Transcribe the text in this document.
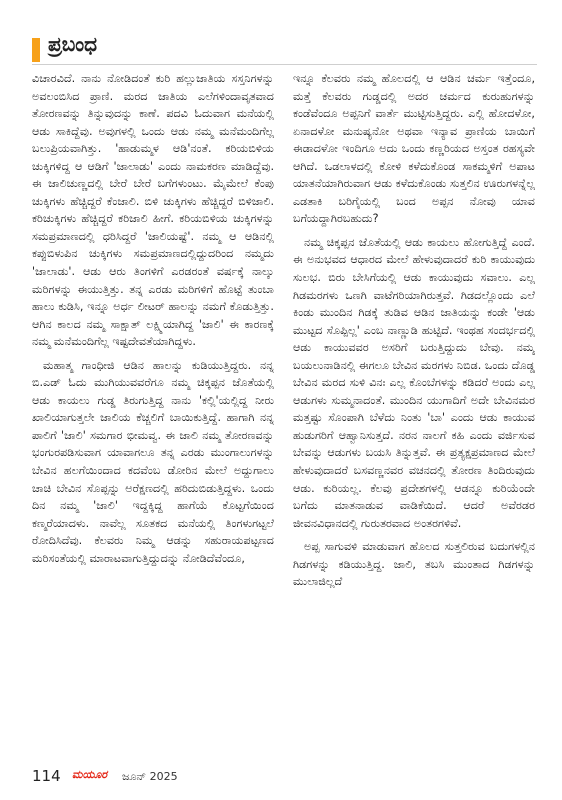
ಪ್ರಬಂಧ

ವಿಚಾರವಿದೆ. ನಾನು ನೋಡಿದಂತೆ ಕುರಿ ಹಲ್ಲುಜಾತಿಯ ಸಸ್ತನಿಗಳನ್ನು ಅವಲಂಬಿಸಿದ ಪ್ರಾಣಿ. ಮರದ ಜಾತಿಯ ಎಲೆಗಳಿಂದಾವೃತವಾದ ತೋರಣವನ್ನು ತಿನ್ನುವುದನ್ನು ಕಾಣೆ. ಪದವಿ ಓದುವಾಗ ಮನೆಯಲ್ಲಿ ಆಡು ಸಾಕಿದ್ದೆವು. ಅವುಗಳಲ್ಲಿ ಒಂದು ಆಡು ನಮ್ಮ ಮನೆಮಂದಿಗೆಲ್ಲ ಬಲುಪ್ರಿಯವಾಗಿತ್ತು. 'ಹಾಡುಮ್ಮಳ ಆಡಿ'ನಂತೆ. ಕರಿಯಬಿಳಿಯ ಚುಕ್ಕಿಗಳಿದ್ದ ಆ ಆಡಿಗೆ 'ಜಾಲಾಡು' ಎಂದು ನಾಮಕರಣ ಮಾಡಿದ್ದೆವು. ಈ ಜಾಲಿಚುಣ್ಣದಲ್ಲಿ ಬೇರೆ ಬೇರೆ ಬಗೆಗಳುಂಟು. ಮೈಮೇಲೆ ಕೆಂಪು ಚುಕ್ಕಿಗಳು ಹೆಚ್ಚಿದ್ದರೆ ಕೆಂಜಾಲಿ. ಬಿಳಿ ಚುಕ್ಕಿಗಳು ಹೆಚ್ಚಿದ್ದರೆ ಬಿಳಿಜಾಲಿ. ಕರಿಚುಕ್ಕಿಗಳು ಹೆಚ್ಚಿದ್ದರೆ ಕರಿಜಾಲಿ ಹೀಗೆ. ಕರಿಯಬಿಳಿಯ ಚುಕ್ಕಿಗಳನ್ನು ಸಮಪ್ರಮಾಣದಲ್ಲಿ ಧರಿಸಿದ್ದರೆ 'ಜಾಲಿಯಷ್ಟೆ'. ನಮ್ಮ ಆ ಆಡಿನಲ್ಲಿ ಕಪ್ಪುಬಿಳುಪಿನ ಚುಕ್ಕಿಗಳು ಸಮಪ್ರಮಾಣದಲ್ಲಿದ್ದುದರಿಂದ ನಮ್ಮದು 'ಜಾಲಾಡು'. ಆಡು ಆರು ತಿಂಗಳಿಗೆ ಎರಡರಂತೆ ವರ್ಷಕ್ಕೆ ನಾಲ್ಕು ಮರಿಗಳನ್ನು ಈಯುತ್ತಿತ್ತು. ತನ್ನ ಎರಡು ಮರಿಗಳಿಗೆ ಹೊಟ್ಟೆ ತುಂಬಾ ಹಾಲು ಕುಡಿಸಿ, ಇನ್ನೂ ಅರ್ಧ ಲೀಟರ್ ಹಾಲನ್ನು ನಮಗೆ ಕೊಡುತ್ತಿತ್ತು. ಆಗಿನ ಕಾಲದ ನಮ್ಮ ಸಾಕ್ಷಾತ್ ಲಕ್ಷ್ಮಿಯಾಗಿದ್ದ 'ಜಾಲಿ' ಈ ಕಾರಣಕ್ಕೆ ನಮ್ಮ ಮನೆಮಂದಿಗೆಲ್ಲ ಇಷ್ಟದೇವತೆಯಾಗಿದ್ದಳು.

ಮಹಾತ್ಮ ಗಾಂಧೀಜಿ ಆಡಿನ ಹಾಲನ್ನು ಕುಡಿಯುತ್ತಿದ್ದರು. ನನ್ನ ಬಿ.ಎಡ್ ಓದು ಮುಗಿಯುವವರೆಗೂ ನಮ್ಮ ಚಿಕ್ಕಪ್ಪನ ಜೊತೆಯಲ್ಲಿ ಆಡು ಕಾಯಲು ಗುಡ್ಡ ತಿರುಗುತ್ತಿದ್ದ ನಾನು 'ಕಲ್ಲಿ'ಯಲ್ಲಿದ್ದ ನೀರು ಖಾಲಿಯಾಗುತ್ತಲೇ ಜಾಲಿಯ ಕೆಚ್ಚಲಿಗೆ ಬಾಯಿಕುತ್ತಿದ್ದೆ. ಹಾಗಾಗಿ ನನ್ನ ಪಾಲಿಗೆ 'ಜಾಲಿ' ಸಮಗಾರ ಭೀಮವ್ವ. ಈ ಜಾಲಿ ನಮ್ಮ ತೋರಣವನ್ನು ಭಂಗುರಪಡಿಸುವಾಗ ಯಾವಾಗಲೂ ತನ್ನ ಎರಡು ಮುಂಗಾಲುಗಳನ್ನು ಬೇವಿನ ಹಲಗೆಯಿಂದಾದ ಕದವೆಂಬ ಡೋರಿನ ಮೇಲೆ ಅದ್ದುಗಾಲು ಚಾಚಿ ಬೇವಿನ ಸೊಪ್ಪನ್ನು ಅರೆಕ್ಷಣದಲ್ಲಿ ಹರಿದುಬಿಡುತ್ತಿದ್ದಳು. ಒಂದು ದಿನ ನಮ್ಮ 'ಜಾಲಿ' ಇದ್ದಕ್ಕಿದ್ದ ಹಾಗೆಯೆ ಕೊಟ್ಟಗೆಯಿಂದ ಕಣ್ಮರೆಯಾದಳು. ನಾವೆಲ್ಲ ಸೂತಕದ ಮನೆಯಲ್ಲಿ ತಿಂಗಳುಗಟ್ಟಲೆ ರೋದಿಸಿದೆವು. ಕೆಲವರು ನಿಮ್ಮ ಆಡನ್ನು ಸಹುರಾಯಪಟ್ಟಣದ ಮರಿಸಂತೆಯಲ್ಲಿ ಮಾರಾಟವಾಗುತ್ತಿದ್ದುದನ್ನು ನೋಡಿದೆವೆಂದೂ,

ಇನ್ನೂ ಕೆಲವರು ನಮ್ಮ ಹೊಲದಲ್ಲಿ ಆ ಆಡಿನ ಚರ್ಮ ಇತ್ತೆಂದೂ, ಮತ್ತೆ ಕೆಲವರು ಗುಡ್ಡದಲ್ಲಿ ಅದರ ಚರ್ಮದ ಕುರುಹುಗಳನ್ನು ಕಂಡೆವೆಂದೂ ಅಪ್ಪನಿಗೆ ವಾರ್ತೆ ಮುಟ್ಟಿಸುತ್ತಿದ್ದರು. ಎಲ್ಲಿ ಹೋದಳೋ, ಏನಾದಳೋ ಮನುಷ್ಯನೋ ಅಥವಾ ಇನ್ಯಾವ ಪ್ರಾಣಿಯ ಬಾಯಿಗೆ ಈಡಾದಳೋ ಇಂದಿಗೂ ಅದು ಒಂದು ಕಣ್ಣರಿಯದ ಅಸ್ತಂತ ರಹಸ್ಯವೇ ಆಗಿದೆ. ಒಡಲಾಳದಲ್ಲಿ ಕೋಳಿ ಕಳೆದುಕೊಂಡ ಸಾಕಮ್ಮಳಿಗೆ ಅಪಾಟ ಯಾತನೆಯಾಗಿರುವಾಗ ಆಡು ಕಳೆದುಕೊಂಡು ಸುತ್ತಲಿನ ಊರುಗಳನ್ನೆಲ್ಲ ಎಡತಾಕಿ ಬರಿಗೈಯಲ್ಲಿ ಬಂದ ಅಪ್ಪನ ನೋವು ಯಾವ ಬಗೆಯದ್ದಾಗಿರಬಹುದು?

ನಮ್ಮ ಚಿಕ್ಕಪ್ಪನ ಜೊತೆಯಲ್ಲಿ ಆಡು ಕಾಯಲು ಹೋಗುತ್ತಿದ್ದೆ ಎಂದೆ. ಈ ಅನುಭವದ ಆಧಾರದ ಮೇಲೆ ಹೇಳುವುದಾದರೆ ಕುರಿ ಕಾಯುವುದು ಸುಲಭ. ಬಿರು ಬೇಸಿಗೆಯಲ್ಲಿ ಆಡು ಕಾಯುವುದು ಸವಾಲು. ಎಲ್ಲ ಗಿಡಮರಗಳು ಒಣಗಿ ವಾಟೆಗರಿಯಾಗಿರುತ್ತವೆ. ಗಿಡದಲ್ಲೊಂದು ಎಲೆ ಕಿಂಡು ಮುಂದಿನ ಗಿಡಕ್ಕೆ ತುಡಿವ ಆಡಿನ ಜಾತಿಯನ್ನು ಕಂಡೇ 'ಆಡು ಮುಟ್ಟದ ಸೊಪ್ಪಿಲ್ಲ' ಎಂಬ ನಾಣ್ಣುಡಿ ಹುಟ್ಟಿದೆ. ಇಂಥಹ ಸಂದರ್ಭದಲ್ಲಿ ಆಡು ಕಾಯುವವರ ಅಸರಿಗೆ ಬರುತ್ತಿದ್ದುದು ಬೇವು. ನಮ್ಮ ಬಯಲುನಾಡಿನಲ್ಲಿ ಈಗಲೂ ಬೇವಿನ ಮರಗಳು ನಿಬಿಡ. ಒಂದು ದೊಡ್ಡ ಬೇವಿನ ಮರದ ಸುಳಿ ವಿನಃ ಎಲ್ಲ ಕೊಂಬೆಗಳನ್ನು ಕಡಿದರೆ ಅಂದು ಎಲ್ಲ ಆಡುಗಳು ಸುಮ್ಮನಾದಂತೆ. ಮುಂದಿನ ಯುಗಾದಿಗೆ ಅದೇ ಬೇವಿನಮರ ಮತ್ತಷ್ಟು ಸೊಂಪಾಗಿ ಬೆಳೆದು ನಿಂತು 'ಬಾ' ಎಂದು ಆಡು ಕಾಯುವ ಹುಡುಗರಿಗೆ ಆಹ್ವಾನಿಸುತ್ತದೆ. ನರನ ನಾಲಗೆ ಕಹಿ ಎಂದು ವರ್ಜಿಸುವ ಬೇವನ್ನು ಆಡುಗಳು ಬಯಸಿ ತಿನ್ನುತ್ತವೆ. ಈ ಪ್ರತ್ಯಕ್ಷಪ್ರಮಾಣದ ಮೇಲೆ ಹೇಳುವುದಾದರೆ ಬಸವಣ್ಣನವರ ವಚನದಲ್ಲಿ ತೋರಣ ತಿಂದಿರುವುದು ಆಡು. ಕುರಿಯಲ್ಲ. ಕೆಲವು ಪ್ರದೇಶಗಳಲ್ಲಿ ಆಡನ್ನೂ ಕುರಿಯೆಂದೇ ಬಗೆದು ಮಾತನಾಡುವ ವಾಡಿಕೆಯಿದೆ. ಆದರೆ ಅವೆರಡರ ಜೀವನವಿಧಾನದಲ್ಲಿ ಗುರುತರವಾದ ಅಂತರಗಳಿವೆ.

ಅಪ್ಪ ಸಾಗುವಳಿ ಮಾಡುವಾಗ ಹೊಲದ ಸುತ್ತಲಿರುವ ಬದುಗಳಲ್ಲಿನ ಗಿಡಗಳನ್ನು ಕಡಿಯುತ್ತಿದ್ದ. ಜಾಲಿ, ತಬಸಿ ಮುಂತಾದ ಗಿಡಗಳನ್ನು ಮುಲಾಜಿಲ್ಲದೆ

114 ಮಯೂರ ಜೂನ್ 2025
